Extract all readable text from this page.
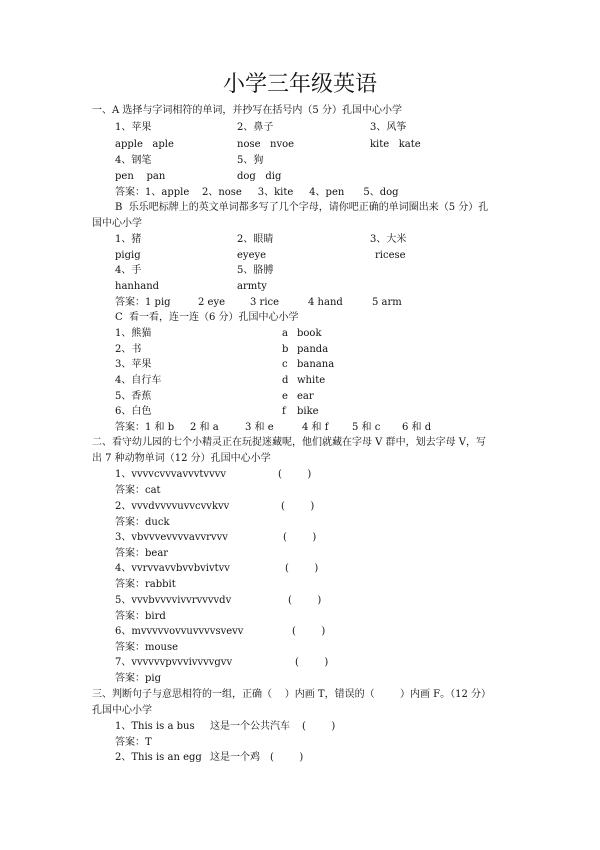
小学三年级英语
一、A 选择与字词相符的单词，并抄写在括号内（5 分）孔国中心小学
1、苹果	2、鼻子	3、风筝
apple   aple	nose   nvoe	kite   kate
4、钢笔	5、狗
pen    pan	dog   dig
答案：1、apple    2、nose     3、kite     4、pen      5、dog
B  乐乐吧标牌上的英文单词都多写了几个字母，请你吧正确的单词圈出来（5 分）孔
国中心小学
1、猪	2、眼睛	3、大米
pigig	eyeye	ricese
4、手	5、胳膊
hanhand	armty
答案：1 pig	2 eye 3 rice	4 hand	5 arm
C  看一看，连一连（6 分）孔国中心小学
1、熊猫	a book
2、书	b panda
3、苹果	c banana
4、自行车	d white
5、香蕉	e ear
6、白色	f bike
答案：1 和 b 2 和 a	3 和 e	4 和 f 5 和 c 6 和 d
二、看守幼儿园的七个小精灵正在玩捉迷藏呢，他们就藏在字母 V 群中，划去字母 V，写
出 7 种动物单词（12 分）孔国中心小学
1、vvvvcvvvavvvtvvvv	(        )
答案：cat
2、vvvdvvvvuvvcvvkvv	(        )
答案：duck
3、vbvvvevvvvavvrvvv	(        )
答案：bear
4、vvrvvavvbvvbvivtvv	(        )
答案：rabbit
5、vvvbvvvvivvrvvvvdv	(        )
答案：bird
6、mvvvvvovvuvvvvsvevv	(        )
答案：mouse
7、vvvvvvpvvvivvvvgvv	(        )
答案：pig
三、判断句子与意思相符的一组，正确（    ）内画 T，错误的（        ）内画 F。（12 分）
孔国中心小学
1、This is a bus 这是一个公共汽车 (        )
答案：T
2、This is an egg 这是一个鸡 (        )
